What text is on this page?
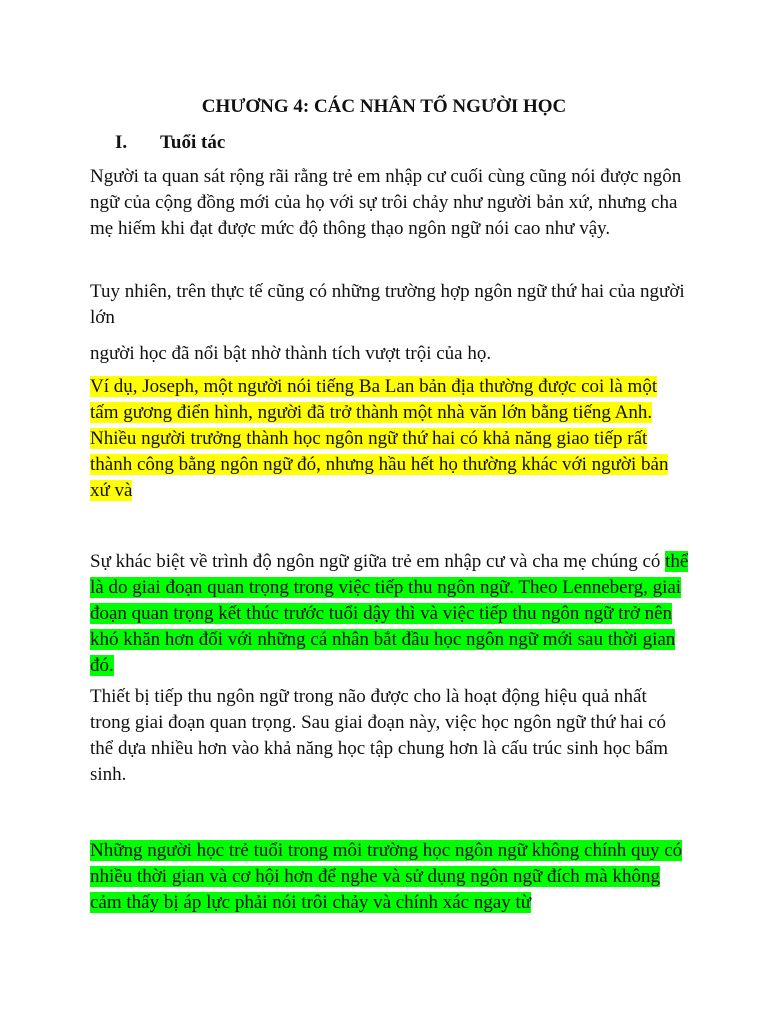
CHƯƠNG 4: CÁC NHÂN TỐ NGƯỜI HỌC
I. Tuổi tác

Người ta quan sát rộng rãi rằng trẻ em nhập cư cuối cùng cũng nói được ngôn ngữ của cộng đồng mới của họ với sự trôi chảy như người bản xứ, nhưng cha mẹ hiếm khi đạt được mức độ thông thạo ngôn ngữ nói cao như vậy.

Tuy nhiên, trên thực tế cũng có những trường hợp ngôn ngữ thứ hai của người lớn

người học đã nổi bật nhờ thành tích vượt trội của họ.

Ví dụ, Joseph, một người nói tiếng Ba Lan bản địa thường được coi là một tấm gương điển hình, người đã trở thành một nhà văn lớn bằng tiếng Anh. Nhiều người trưởng thành học ngôn ngữ thứ hai có khả năng giao tiếp rất thành công bằng ngôn ngữ đó, nhưng hầu hết họ thường khác với người bản xứ và

Sự khác biệt về trình độ ngôn ngữ giữa trẻ em nhập cư và cha mẹ chúng có thể là do giai đoạn quan trọng trong việc tiếp thu ngôn ngữ. Theo Lenneberg, giai đoạn quan trọng kết thúc trước tuổi dậy thì và việc tiếp thu ngôn ngữ trở nên khó khăn hơn đối với những cá nhân bắt đầu học ngôn ngữ mới sau thời gian đó.

Thiết bị tiếp thu ngôn ngữ trong não được cho là hoạt động hiệu quả nhất trong giai đoạn quan trọng. Sau giai đoạn này, việc học ngôn ngữ thứ hai có thể dựa nhiều hơn vào khả năng học tập chung hơn là cấu trúc sinh học bẩm sinh.

Những người học trẻ tuổi trong môi trường học ngôn ngữ không chính quy có nhiều thời gian và cơ hội hơn để nghe và sử dụng ngôn ngữ đích mà không cảm thấy bị áp lực phải nói trôi chảy và chính xác ngay từ
